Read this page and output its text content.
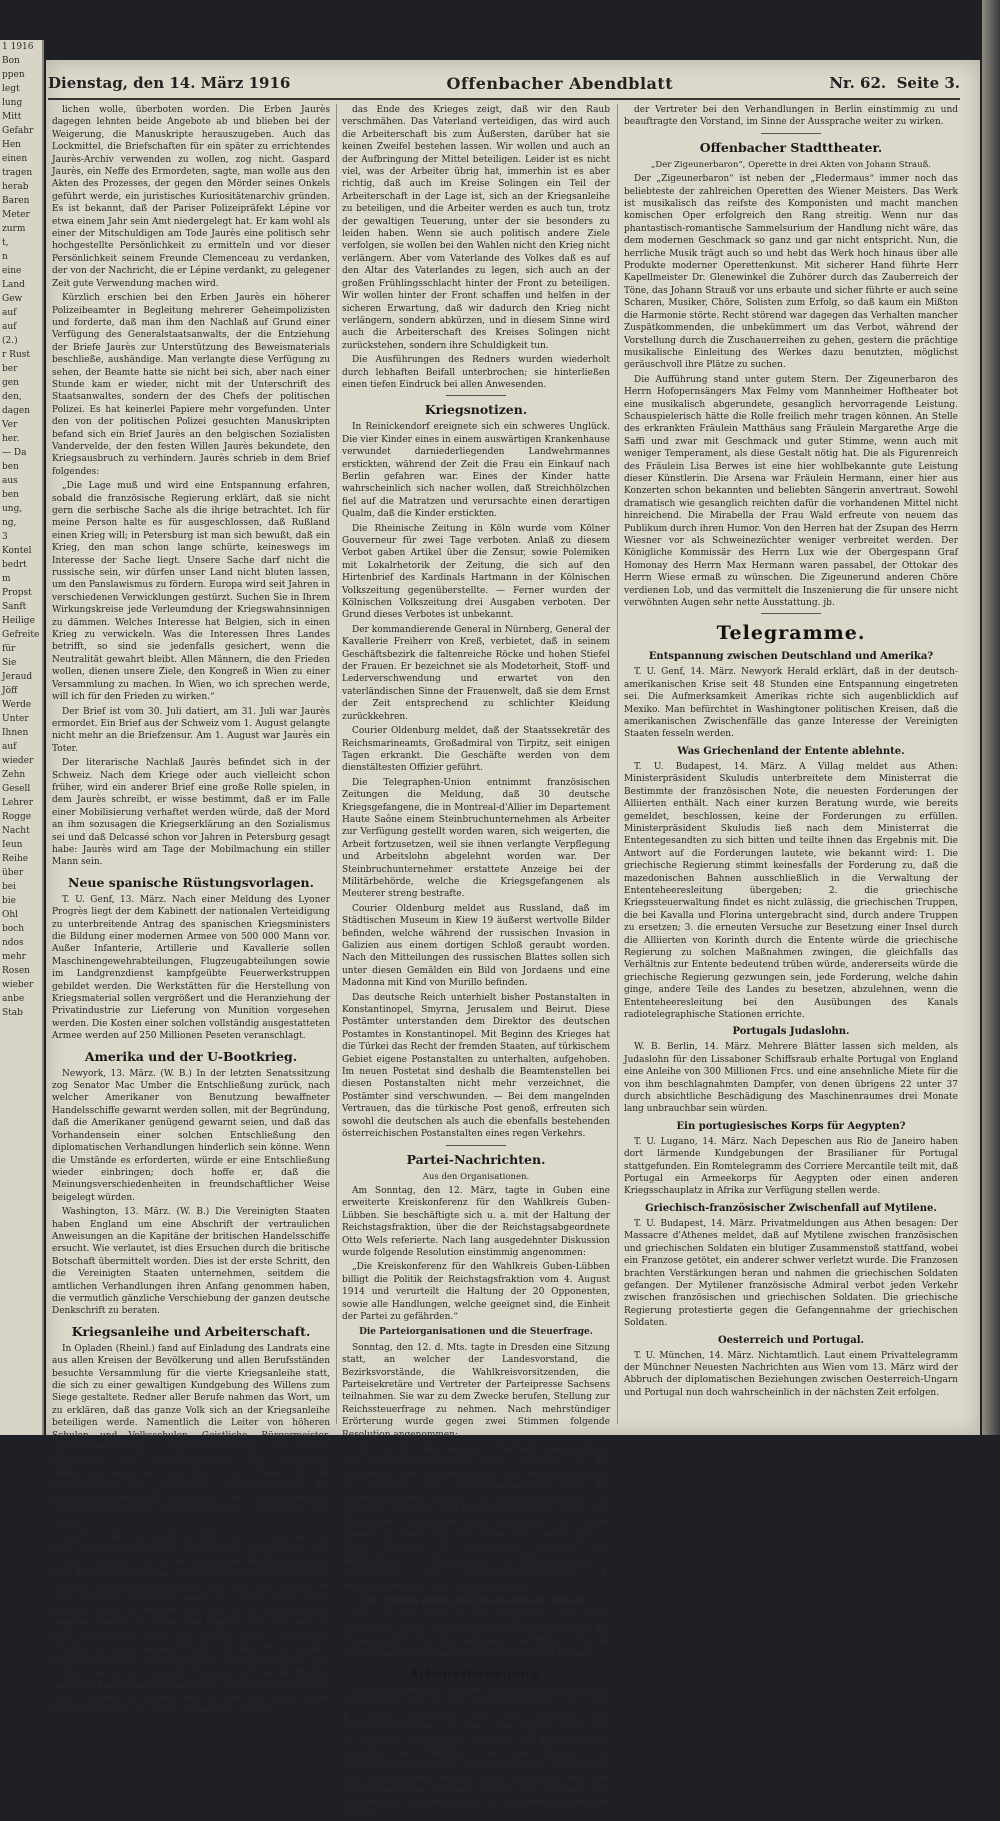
1 1916
Bon
ppen
legt
lung
Mitt
Gefahr
Hen
einen
tragen
herab
Baren
Meter
zurm
t,
n
eine
Land
Gew
auf
auf
(2.)
r Rust
ber
gen
den,
dagen
Ver
her.
— Da
ben
aus
ben
ung,
ng,
3
Kontel
bedrt
m
Propst
Sanft
Heilige
Gefreite
für
Sie
Jeraud
Jöff
Werde
Unter
Ihnen
auf
wieder
Zehn
Gesell
Lehrer
Rogge
Nacht
Ieun
Reihe
über
bei
bie
Ohl
boch
ndos
mehr
Rosen
wieber
anbe
Stab
Dienstag, den 14. März 1916	Offenbacher Abendblatt	Nr. 62. Seite 3.

lichen wolle, überboten worden. Die Erben Jaurès dagegen lehnten beide Angebote ab und blieben bei der Weigerung, die Manuskripte herauszugeben. Auch das Lockmittel, die Briefschaften für ein später zu errichtendes Jaurès-Archiv verwenden zu wollen, zog nicht. Gaspard Jaurès, ein Neffe des Ermordeten, sagte, man wolle aus den Akten des Prozesses, der gegen den Mörder seines Onkels geführt werde, ein juristisches Kuriositätenarchiv gründen. Es ist bekannt, daß der Pariser Polizeipräfekt Lépine vor etwa einem Jahr sein Amt niedergelegt hat. Er kam wohl als einer der Mitschuldigen am Tode Jaurès eine politisch sehr hochgestellte Persönlichkeit zu ermitteln und vor dieser Persönlichkeit seinem Freunde Clemenceau zu verdanken, der von der Nachricht, die er Lépine verdankt, zu gelegener Zeit gute Verwendung machen wird.

Kürzlich erschien bei den Erben Jaurès ein höherer Polizeibeamter in Begleitung mehrerer Geheimpolizisten und forderte, daß man ihm den Nachlaß auf Grund einer Verfügung des Generalstaatsanwalts, der die Entziehung der Briefe Jaurès zur Unterstützung des Beweismaterials beschließe, aushändige. Man verlangte diese Verfügung zu sehen, der Beamte hatte sie nicht bei sich, aber nach einer Stunde kam er wieder, nicht mit der Unterschrift des Staatsanwaltes, sondern der des Chefs der politischen Polizei. Es hat keinerlei Papiere mehr vorgefunden. Unter den von der politischen Polizei gesuchten Manuskripten befand sich ein Brief Jaurès an den belgischen Sozialisten Vandervelde, der den festen Willen Jaurès bekundete, den Kriegsausbruch zu verhindern. Jaurès schrieb in dem Brief folgendes:

„Die Lage muß und wird eine Entspannung erfahren, sobald die französische Regierung erklärt, daß sie nicht gern die serbische Sache als die ihrige betrachtet. Ich für meine Person halte es für ausgeschlossen, daß Rußland einen Krieg will; in Petersburg ist man sich bewußt, daß ein Krieg, den man schon lange schürte, keineswegs im Interesse der Sache liegt. Unsere Sache darf nicht die russische sein, wir dürfen unser Land nicht bluten lassen, um den Panslawismus zu fördern. Europa wird seit Jahren in verschiedenen Verwicklungen gestürzt. Suchen Sie in Ihrem Wirkungskreise jede Verleumdung der Kriegswahnsinnigen zu dämmen. Welches Interesse hat Belgien, sich in einen Krieg zu verwickeln. Was die Interessen Ihres Landes betrifft, so sind sie jedenfalls gesichert, wenn die Neutralität gewahrt bleibt. Allen Männern, die den Frieden wollen, dienen unsere Ziele, den Kongreß in Wien zu einer Versammlung zu machen. In Wien, wo ich sprechen werde, will ich für den Frieden zu wirken.“

Der Brief ist vom 30. Juli datiert, am 31. Juli war Jaurès ermordet. Ein Brief aus der Schweiz vom 1. August gelangte nicht mehr an die Briefzensur. Am 1. August war Jaurès ein Toter.

Der literarische Nachlaß Jaurès befindet sich in der Schweiz. Nach dem Kriege oder auch vielleicht schon früher, wird ein anderer Brief eine große Rolle spielen, in dem Jaurès schreibt, er wisse bestimmt, daß er im Falle einer Mobilisierung verhaftet werden würde, daß der Mord an ihm sozusagen die Kriegserklärung an den Sozialismus sei und daß Delcassé schon vor Jahren in Petersburg gesagt habe: Jaurès wird am Tage der Mobilmachung ein stiller Mann sein.

Neue spanische Rüstungsvorlagen.

T. U. Genf, 13. März. Nach einer Meldung des Lyoner Progrès liegt der dem Kabinett der nationalen Verteidigung zu unterbreitende Antrag des spanischen Kriegsministers die Bildung einer modernen Armee von 500 000 Mann vor. Außer Infanterie, Artillerie und Kavallerie sollen Maschinengewehrabteilungen, Flugzeugabteilungen sowie im Landgrenzdienst kampfgeübte Feuerwerkstruppen gebildet werden. Die Werkstätten für die Herstellung von Kriegsmaterial sollen vergrößert und die Heranziehung der Privatindustrie zur Lieferung von Munition vorgesehen werden. Die Kosten einer solchen vollständig ausgestatteten Armee werden auf 250 Millionen Peseten veranschlagt.

Amerika und der U-Bootkrieg.

Newyork, 13. März. (W. B.) In der letzten Senatssitzung zog Senator Mac Umber die Entschließung zurück, nach welcher Amerikaner von Benutzung bewaffneter Handelsschiffe gewarnt werden sollen, mit der Begründung, daß die Amerikaner genügend gewarnt seien, und daß das Vorhandensein einer solchen Entschließung den diplomatischen Verhandlungen hinderlich sein könne. Wenn die Umstände es erforderten, würde er eine Entschließung wieder einbringen; doch hoffe er, daß die Meinungsverschiedenheiten in freundschaftlicher Weise beigelegt würden.

Washington, 13. März. (W. B.) Die Vereinigten Staaten haben England um eine Abschrift der vertraulichen Anweisungen an die Kapitäne der britischen Handelsschiffe ersucht. Wie verlautet, ist dies Ersuchen durch die britische Botschaft übermittelt worden. Dies ist der erste Schritt, den die Vereinigten Staaten unternehmen, seitdem die amtlichen Verhandlungen ihren Anfang genommen haben, die vermutlich gänzliche Verschiebung der ganzen deutsche Denkschrift zu beraten.

Kriegsanleihe und Arbeiterschaft.

In Opladen (Rheinl.) fand auf Einladung des Landrats eine aus allen Kreisen der Bevölkerung und allen Berufsständen besuchte Versammlung für die vierte Kriegsanleihe statt, die sich zu einer gewaltigen Kundgebung des Willens zum Siege gestaltete. Redner aller Berufe nahmen das Wort, um zu erklären, daß das ganze Volk sich an der Kriegsanleihe beteiligen werde. Namentlich die Leiter von höheren Schulen und Volksschulen, Geistliche, Bürgermeister, Sparkassenvorstände, Handwerksmeister, Industrielle, Handwerker und Arbeitervertreter. Von besonderer Bedeutung waren nach dem Bericht der Frankf. Ztg. die Ausführungen des bekannten Geschäftsführers der Konsumgenossenschaft „Solidarität“, des Vorsitzenden des sozialdemokratischen Stadtverordneten, Großwerk und Ohligs.

„Auch ich bin überzeugt, so führte er u. a. aus, daß der Wille des Volkes zum Siege ungebrochen ist, genau so, wie er am 4. August 1914 in der einmütigen Reichstagssitzung zum Ausdruck kam. Wenn wir jetzt ganz bestimmt erklären, daß wir keinen Frieden wollen, der nicht die Gewähr für eine dauernde Sicherheit gegen die Gefahr eines neuen Krieges bietet, so müssen wir uns in die Angelegenheit begeben: Gewiß, wir wollen den Frieden, wir wünschen ihn aufs dringendste, aber wir wollen einen ehrenvollen Frieden, wir wollen keinen Frieden um jeden Preis, sondern einen Frieden, der uns vor weiteren Überfällen sichert. Wir wollen, wie wir am 4. August erklärten, nicht an der Heimat und dem Lande anderer angreifen, wir wollen es jetzt und nicht, sondern wir hoffen, daß wir über die Dauer dieser Prüfungszeit auf uns selbst angewiesen bleiben.

das Ende des Krieges zeigt, daß wir den Raub verschmähen. Das Vaterland verteidigen, das wird auch die Arbeiterschaft bis zum Äußersten, darüber hat sie keinen Zweifel bestehen lassen. Wir wollen und auch an der Aufbringung der Mittel beteiligen. Leider ist es nicht viel, was der Arbeiter übrig hat, immerhin ist es aber richtig, daß auch im Kreise Solingen ein Teil der Arbeiterschaft in der Lage ist, sich an der Kriegsanleihe zu beteiligen, und die Arbeiter werden es auch tun, trotz der gewaltigen Teuerung, unter der sie besonders zu leiden haben. Wenn sie auch politisch andere Ziele verfolgen, sie wollen bei den Wahlen nicht den Krieg nicht verlängern. Aber vom Vaterlande des Volkes daß es auf den Altar des Vaterlandes zu legen, sich auch an der großen Frühlingsschlacht hinter der Front zu beteiligen. Wir wollen hinter der Front schaffen und helfen in der sicheren Erwartung, daß wir dadurch den Krieg nicht verlängern, sondern abkürzen, und in diesem Sinne wird auch die Arbeiterschaft des Kreises Solingen nicht zurückstehen, sondern ihre Schuldigkeit tun.

Die Ausführungen des Redners wurden wiederholt durch lebhaften Beifall unterbrochen; sie hinterließen einen tiefen Eindruck bei allen Anwesenden.

Kriegsnotizen.

In Reinickendorf ereignete sich ein schweres Unglück. Die vier Kinder eines in einem auswärtigen Krankenhause verwundet darniederliegenden Landwehrmannes erstickten, während der Zeit die Frau ein Einkauf nach Berlin gefahren war. Eines der Kinder hatte wahrscheinlich sich nacher wollen, daß Streichhölzchen fiel auf die Matratzen und verursachte einen derartigen Qualm, daß die Kinder erstickten.

Die Rheinische Zeitung in Köln wurde vom Kölner Gouverneur für zwei Tage verboten. Anlaß zu diesem Verbot gaben Artikel über die Zensur, sowie Polemiken mit Lokalrhetorik der Zeitung, die sich auf den Hirtenbrief des Kardinals Hartmann in der Kölnischen Volkszeitung gegenüberstellte. — Ferner wurden der Kölnischen Volkszeitung drei Ausgaben verboten. Der Grund dieses Verbotes ist unbekannt.

Der kommandierende General in Nürnberg, General der Kavallerie Freiherr von Kreß, verbietet, daß in seinem Geschäftsbezirk die faltenreiche Röcke und hohen Stiefel der Frauen. Er bezeichnet sie als Modetorheit, Stoff- und Lederverschwendung und erwartet von den vaterländischen Sinne der Frauenwelt, daß sie dem Ernst der Zeit entsprechend zu schlichter Kleidung zurückkehren.

Courier Oldenburg meldet, daß der Staatssekretär des Reichsmarineamts, Großadmiral von Tirpitz, seit einigen Tagen erkrankt. Die Geschäfte werden von dem dienstältesten Offizier geführt.

Die Telegraphen-Union entnimmt französischen Zeitungen die Meldung, daß 30 deutsche Kriegsgefangene, die in Montreal-d'Allier im Departement Haute Saône einem Steinbruchunternehmen als Arbeiter zur Verfügung gestellt worden waren, sich weigerten, die Arbeit fortzusetzen, weil sie ihnen verlangte Verpflegung und Arbeitslohn abgelehnt worden war. Der Steinbruchunternehmer erstattete Anzeige bei der Militärbehörde, welche die Kriegsgefangenen als Meuterer streng bestrafte.

Courier Oldenburg meldet aus Russland, daß im Städtischen Museum in Kiew 19 äußerst wertvolle Bilder befinden, welche während der russischen Invasion in Galizien aus einem dortigen Schloß geraubt worden. Nach den Mitteilungen des russischen Blattes sollen sich unter diesen Gemälden ein Bild von Jordaens und eine Madonna mit Kind von Murillo befinden.

Das deutsche Reich unterhielt bisher Postanstalten in Konstantinopel, Smyrna, Jerusalem und Beirut. Diese Postämter unterstanden dem Direktor des deutschen Postamtes in Konstantinopel. Mit Beginn des Krieges hat die Türkei das Recht der fremden Staaten, auf türkischem Gebiet eigene Postanstalten zu unterhalten, aufgehoben. Im neuen Postetat sind deshalb die Beamtenstellen bei diesen Postanstalten nicht mehr verzeichnet, die Postämter sind verschwunden. — Bei dem mangelnden Vertrauen, das die türkische Post genoß, erfreuten sich sowohl die deutschen als auch die ebenfalls bestehenden österreichischen Postanstalten eines regen Verkehrs.

Partei-Nachrichten.
Aus den Organisationen.

Am Sonntag, den 12. März, tagte in Guben eine erweiterte Kreiskonferenz für den Wahlkreis Guben-Lübben. Sie beschäftigte sich u. a. mit der Haltung der Reichstagsfraktion, über die der Reichstagsabgeordnete Otto Wels referierte. Nach lang ausgedehnter Diskussion wurde folgende Resolution einstimmig angenommen:

„Die Kreiskonferenz für den Wahlkreis Guben-Lübben billigt die Politik der Reichstagsfraktion vom 4. August 1914 und verurteilt die Haltung der 20 Opponenten, sowie alle Handlungen, welche geeignet sind, die Einheit der Partei zu gefährden.“

Die Parteiorganisationen und die Steuerfrage.

Sonntag, den 12. d. Mts. tagte in Dresden eine Sitzung statt, an welcher der Landesvorstand, die Bezirksvorstände, die Wahlkreisvorsitzenden, die Parteisekretäre und Vertreter der Parteipresse Sachsens teilnahmen. Sie war zu dem Zwecke berufen, Stellung zur Reichssteuerfrage zu nehmen. Nach mehrstündiger Erörterung wurde gegen zwei Stimmen folgende Resolution angenommen:

„Die am 12. März tagende erweiterte Landessitzung der Sozialdemokratischen Partei Sachsens, an der teilnehmen: der Landesvorstand, die Bezirksvorstände, die Vertreter der Kreisorganisationen und der Parteiredaktionen, erklärt, die Reichstagsfraktion, die geplanten Verkehrs- und Genußmittelsteuern unter allen Umständen abzulehnen und einzutreten für solche Steuern auf Besitz und Einkommen, die in erster Linie in Frage kommen: 1. abermalige Erhebung des Wehrbeitrags, 2. Besteuerung der Kriegsgewinne, 3. Ausdehnung der Reichsvermögenssteuer, 4. Reichseinkommen- und Vermögenssteuer.“

Der Prozeß gegen die Internationale vertagt.

Am 22. d. Mts. sollte vor dem Landgericht in Düsseldorf der Prozeß gegen die Genossinnen und Mitarbeiter der Monatsschrift „Die Internationale“ stattfinden. Nun ist der Verhandlungstermin auf unbestimmte Zeit vertagt.

Arbeiterbewegung.

Eine Konferenz des Beirates des Bauarbeiterverbandes beschäftigte sich, wie der Grundstein mitteilt, am 3. und 4. März eingehend mit dem Beschluß des Unternehmerbundes, den Stand der Organisationen und die Wünsche der Kollegen berichtet. Die Konferenz war einmütig der Meinung, daß das Angebot des Unternehmerbundes zur Verlängerung der Tarifverträge nicht angenommen werden könne. Falls dies doch eine Tarifverlängerung verlangt, müßte der Verband jede Tarifverträge ablaufen lassen. Die Konferenz stimmte der Haltung

der Vertreter bei den Verhandlungen in Berlin einstimmig zu und beauftragte den Vorstand, im Sinne der Aussprache weiter zu wirken.

Offenbacher Stadttheater.
„Der Zigeunerbaron“, Operette in drei Akten von Johann Strauß.

Der „Zigeunerbaron“ ist neben der „Fledermaus“ immer noch das beliebteste der zahlreichen Operetten des Wiener Meisters. Das Werk ist musikalisch das reifste des Komponisten und macht manchen komischen Oper erfolgreich den Rang streitig. Wenn nur das phantastisch-romantische Sammelsurium der Handlung nicht wäre, das dem modernen Geschmack so ganz und gar nicht entspricht. Nun, die herrliche Musik trägt auch so und hebt das Werk hoch hinaus über alle Produkte moderner Operettenkunst. Mit sicherer Hand führte Herr Kapellmeister Dr. Glenewinkel die Zuhörer durch das Zauberreich der Töne, das Johann Strauß vor uns erbaute und sicher führte er auch seine Scharen, Musiker, Chöre, Solisten zum Erfolg, so daß kaum ein Mißton die Harmonie störte. Recht störend war dagegen das Verhalten mancher Zuspätkommenden, die unbekümmert um das Verbot, während der Vorstellung durch die Zuschauerreihen zu gehen, gestern die prächtige musikalische Einleitung des Werkes dazu benutzten, möglichst geräuschvoll ihre Plätze zu suchen.

Die Aufführung stand unter gutem Stern. Der Zigeunerbaron des Herrn Hofopernsängers Max Felmy vom Mannheimer Hoftheater bot eine musikalisch abgerundete, gesanglich hervorragende Leistung. Schauspielerisch hätte die Rolle freilich mehr tragen können. An Stelle des erkrankten Fräulein Matthäus sang Fräulein Margarethe Arge die Saffi und zwar mit Geschmack und guter Stimme, wenn auch mit weniger Temperament, als diese Gestalt nötig hat. Die als Figurenreich des Fräulein Lisa Berwes ist eine hier wohlbekannte gute Leistung dieser Künstlerin. Die Arsena war Fräulein Hermann, einer hier aus Konzerten schon bekannten und beliebten Sängerin anvertraut. Sowohl dramatisch wie gesanglich reichten dafür die vorhandenen Mittel nicht hinreichend. Die Mirabella der Frau Wald erfreute von neuem das Publikum durch ihren Humor. Von den Herren hat der Zsupan des Herrn Wiesner vor als Schweinezüchter weniger verbreitet werden. Der Königliche Kommissär des Herrn Lux wie der Obergespann Graf Homonay des Herrn Max Hermann waren passabel, der Ottokar des Herrn Wiese ermaß zu wünschen. Die Zigeunerund anderen Chöre verdienen Lob, und das vermittelt die Inszenierung die für unsere nicht verwöhnten Augen sehr nette Ausstattung. jb.

Telegramme.
Entspannung zwischen Deutschland und Amerika?

T. U. Genf, 14. März. Newyork Herald erklärt, daß in der deutsch-amerikanischen Krise seit 48 Stunden eine Entspannung eingetreten sei. Die Aufmerksamkeit Amerikas richte sich augenblicklich auf Mexiko. Man befürchtet in Washingtoner politischen Kreisen, daß die amerikanischen Zwischenfälle das ganze Interesse der Vereinigten Staaten fesseln werden.

Was Griechenland der Entente ablehnte.

T. U. Budapest, 14. März. A Villag meldet aus Athen: Ministerpräsident Skuludis unterbreitete dem Ministerrat die Bestimmte der französischen Note, die neuesten Forderungen der Alliierten enthält. Nach einer kurzen Beratung wurde, wie bereits gemeldet, beschlossen, keine der Forderungen zu erfüllen. Ministerpräsident Skuludis ließ nach dem Ministerrat die Ententegesandten zu sich bitten und teilte ihnen das Ergebnis mit. Die Antwort auf die Forderungen lautete, wie bekannt wird: 1. Die griechische Regierung stimmt keinesfalls der Forderung zu, daß die mazedonischen Bahnen ausschließlich in die Verwaltung der Ententeheeresleitung übergeben; 2. die griechische Kriegssteuerwaltung findet es nicht zulässig, die griechischen Truppen, die bei Kavalla und Florina untergebracht sind, durch andere Truppen zu ersetzen; 3. die erneuten Versuche zur Besetzung einer Insel durch die Alliierten von Korinth durch die Entente würde die griechische Regierung zu solchen Maßnahmen zwingen, die gleichfalls das Verhältnis zur Entente bedeutend trüben würde, andererseits würde die griechische Regierung gezwungen sein, jede Forderung, welche dahin ginge, andere Teile des Landes zu besetzen, abzulehnen, wenn die Ententeheeresleitung bei den Ausübungen des Kanals radiotelegraphische Stationen errichte.

Portugals Judaslohn.

W. B. Berlin, 14. März. Mehrere Blätter lassen sich melden, als Judaslohn für den Lissaboner Schiffsraub erhalte Portugal von England eine Anleihe von 300 Millionen Frcs. und eine ansehnliche Miete für die von ihm beschlagnahmten Dampfer, von denen übrigens 22 unter 37 durch absichtliche Beschädigung des Maschinenraumes drei Monate lang unbrauchbar sein würden.

Ein portugiesisches Korps für Aegypten?

T. U. Lugano, 14. März. Nach Depeschen aus Rio de Janeiro haben dort lärmende Kundgebungen der Brasilianer für Portugal stattgefunden. Ein Romtelegramm des Corriere Mercantile teilt mit, daß Portugal ein Armeekorps für Aegypten oder einen anderen Kriegsschauplatz in Afrika zur Verfügung stellen werde.

Griechisch-französischer Zwischenfall auf Mytilene.

T. U. Budapest, 14. März. Privatmeldungen aus Athen besagen: Der Massacre d'Athenes meldet, daß auf Mytilene zwischen französischen und griechischen Soldaten ein blutiger Zusammenstoß stattfand, wobei ein Franzose getötet, ein anderer schwer verletzt wurde. Die Franzosen brachten Verstärkungen heran und nahmen die griechischen Soldaten gefangen. Der Mytilener französische Admiral verbot jeden Verkehr zwischen französischen und griechischen Soldaten. Die griechische Regierung protestierte gegen die Gefangennahme der griechischen Soldaten.

Oesterreich und Portugal.

T. U. München, 14. März. Nichtamtlich. Laut einem Privattelegramm der Münchner Neuesten Nachrichten aus Wien vom 13. März wird der Abbruch der diplomatischen Beziehungen zwischen Oesterreich-Ungarn und Portugal nun doch wahrscheinlich in der nächsten Zeit erfolgen.
